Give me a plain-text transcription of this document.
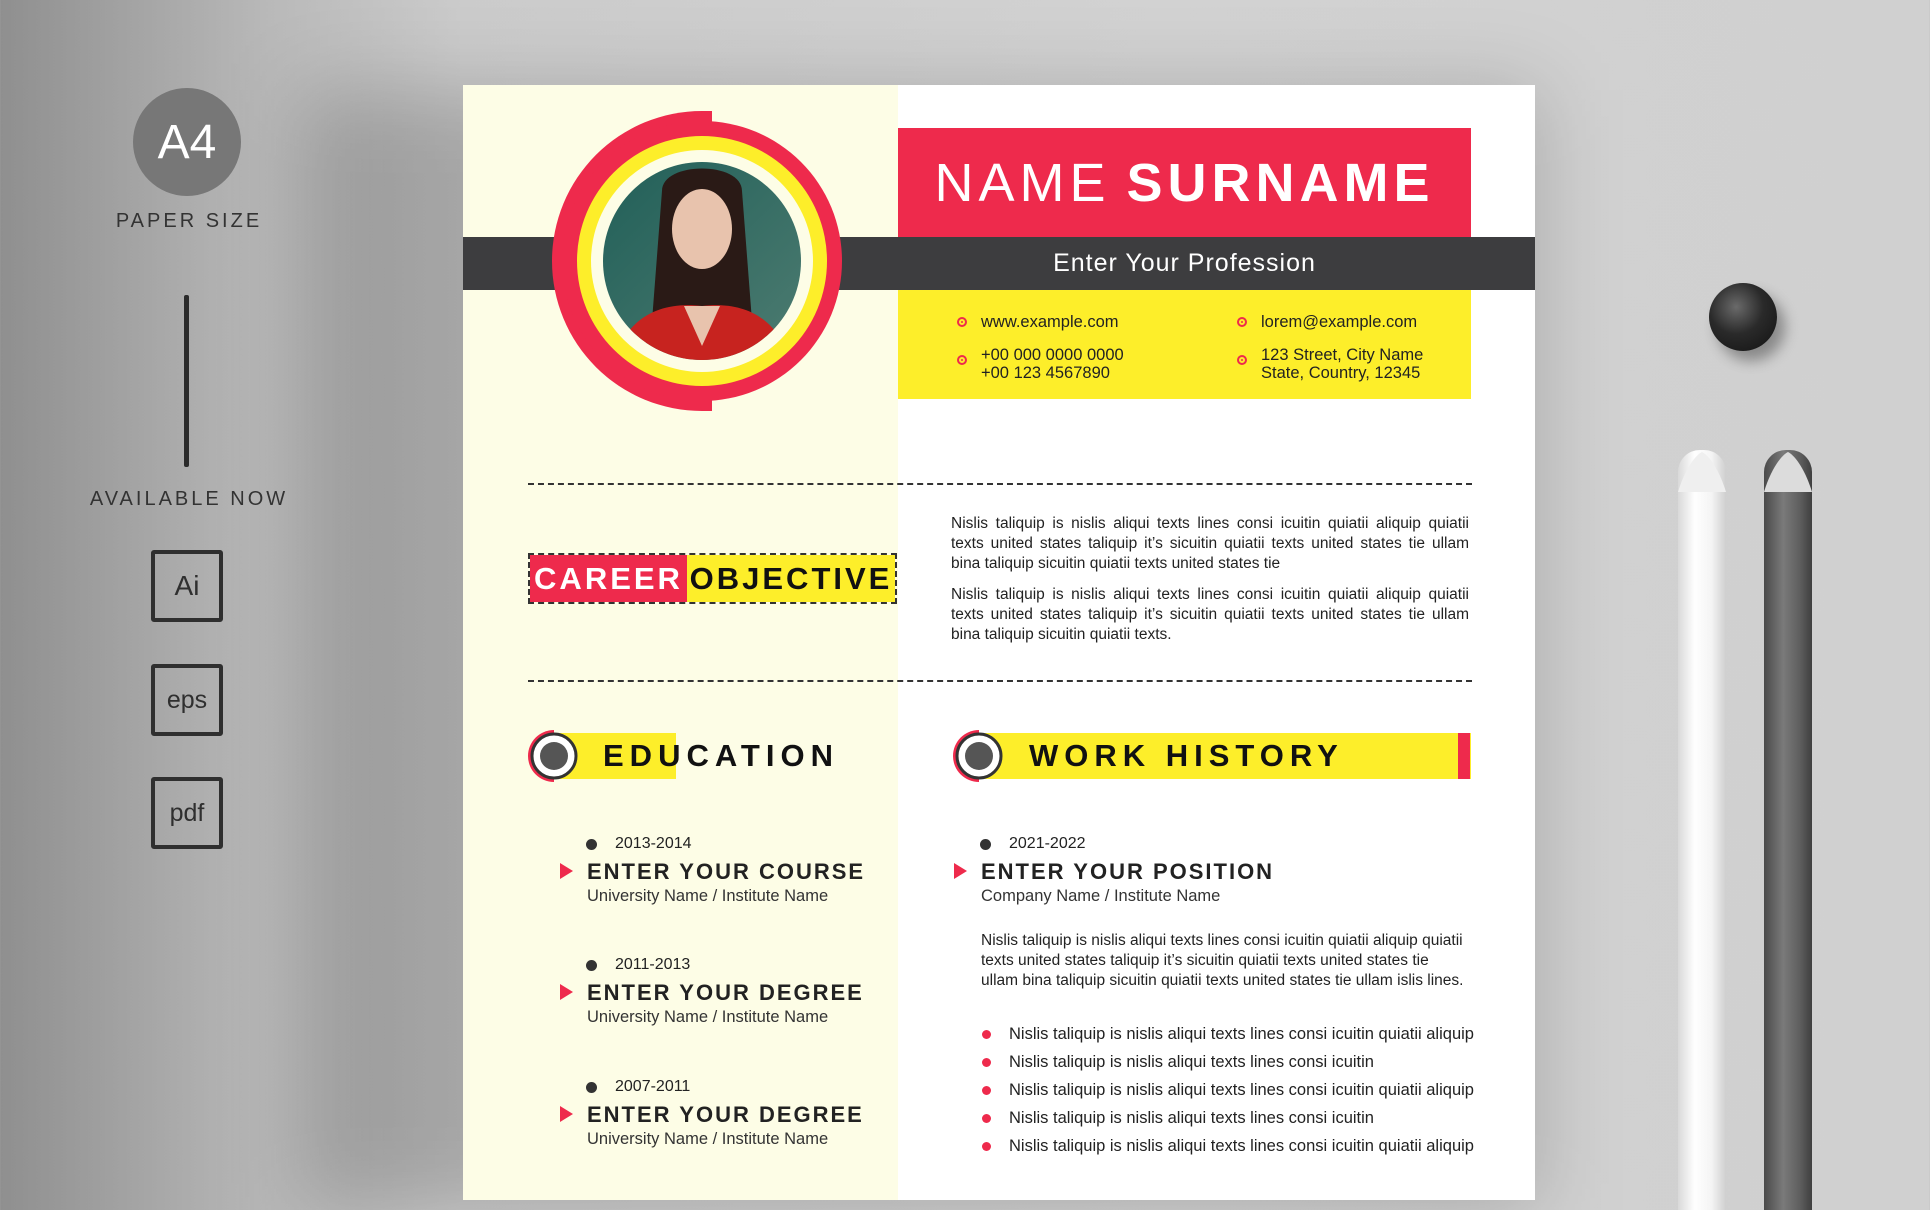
A4
PAPER SIZE
AVAILABLE NOW
Ai
eps
pdf
NAME SURNAME
Enter Your Profession
www.example.com	lorem@example.com
+00 000 0000 0000
+00 123 4567890
123 Street, City Name
State, Country, 12345
CAREER OBJECTIVE
Nislis taliquip is nislis aliqui texts lines consi icuitin quiatii aliquip quiatii texts united states taliquip it’s sicuitin quiatii texts united states tie ullam bina taliquip sicuitin quiatii texts united states tie
Nislis taliquip is nislis aliqui texts lines consi icuitin quiatii aliquip quiatii texts united states taliquip it’s sicuitin quiatii texts united states tie ullam bina taliquip sicuitin quiatii texts.
EDUCATION
2013-2014
ENTER YOUR COURSE
University Name / Institute Name
2011-2013
ENTER YOUR DEGREE
University Name / Institute Name
2007-2011
ENTER YOUR DEGREE
University Name / Institute Name
WORK HISTORY
2021-2022
ENTER YOUR POSITION
Company Name / Institute Name
Nislis taliquip is nislis aliqui texts lines consi icuitin quiatii aliquip quiatii texts united states taliquip it’s sicuitin quiatii texts united states tie ullam bina taliquip sicuitin quiatii texts united states tie ullam islis lines.
Nislis taliquip is nislis aliqui texts lines consi icuitin quiatii aliquip
Nislis taliquip is nislis aliqui texts lines consi icuitin
Nislis taliquip is nislis aliqui texts lines consi icuitin quiatii aliquip
Nislis taliquip is nislis aliqui texts lines consi icuitin
Nislis taliquip is nislis aliqui texts lines consi icuitin quiatii aliquip
